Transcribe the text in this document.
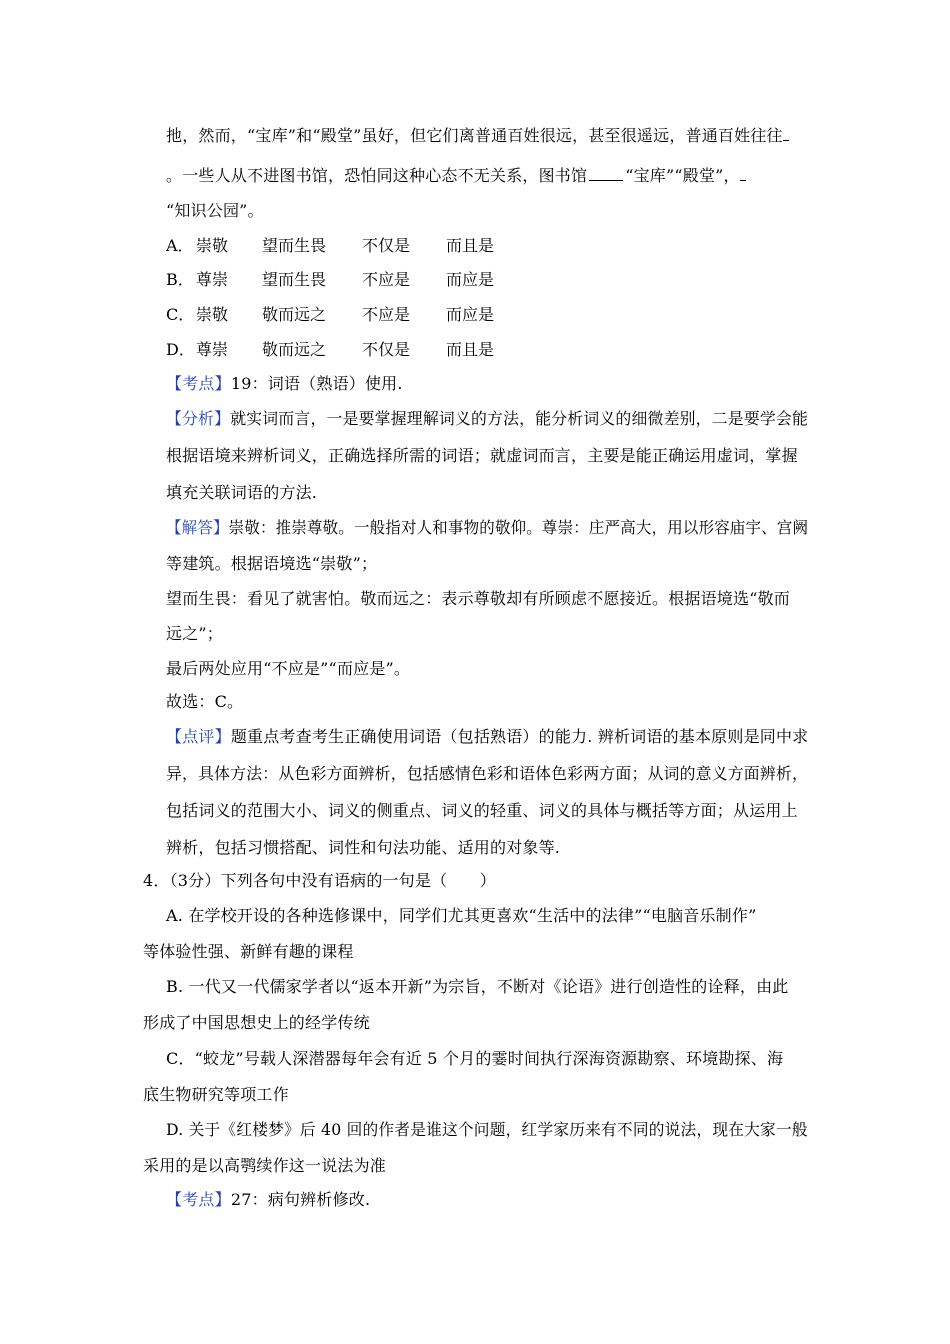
扡，然而，“宝库”和“殿堂”虽好，但它们离普通百姓很远，甚至很遥远，普通百姓往往
。一些人从不进图书馆，恐怕同这种心态不无关系，图书馆 “宝库”“殿堂”，
“知识公园”。
A． 崇敬 望而生畏 不仅是 而且是
B． 尊崇 望而生畏 不应是 而应是
C． 崇敬 敬而远之 不应是 而应是
D． 尊崇 敬而远之 不仅是 而且是
【考点】19：词语（熟语）使用.
【分析】就实词而言，一是要掌握理解词义的方法，能分析词义的细微差别，二是要学会能
根据语境来辨析词义，正确选择所需的词语；就虚词而言，主要是能正确运用虚词，掌握
填充关联词语的方法.
【解答】崇敬：推崇尊敬。一般指对人和事物的敬仰。尊崇：庄严高大，用以形容庙宇、宫阙
等建筑。根据语境选“崇敬”；
望而生畏：看见了就害怕。敬而远之：表示尊敬却有所顾虑不愿接近。根据语境选“敬而
远之”；
最后两处应用“不应是”“而应是”。
故选：C。
【点评】题重点考查考生正确使用词语（包括熟语）的能力. 辨析词语的基本原则是同中求
异，具体方法：从色彩方面辨析，包括感情色彩和语体色彩两方面；从词的意义方面辨析，
包括词义的范围大小、词义的侧重点、词义的轻重、词义的具体与概括等方面；从运用上
辨析，包括习惯搭配、词性和句法功能、适用的对象等.
4．（3分）下列各句中没有语病的一句是（　　）
A. 在学校开设的各种选修课中，同学们尤其更喜欢“生活中的法律”“电脑音乐制作”
等体验性强、新鲜有趣的课程
B. 一代又一代儒家学者以“返本开新”为宗旨，不断对《论语》进行创造性的诠释，由此
形成了中国思想史上的经学传统
C．“蛟龙”号载人深潜器每年会有近 5 个月的霎时间执行深海资源勘察、环境勘探、海
底生物研究等项工作
D. 关于《红楼梦》后 40 回的作者是谁这个问题，红学家历来有不同的说法，现在大家一般
采用的是以高鹗续作这一说法为准
【考点】27：病句辨析修改.
